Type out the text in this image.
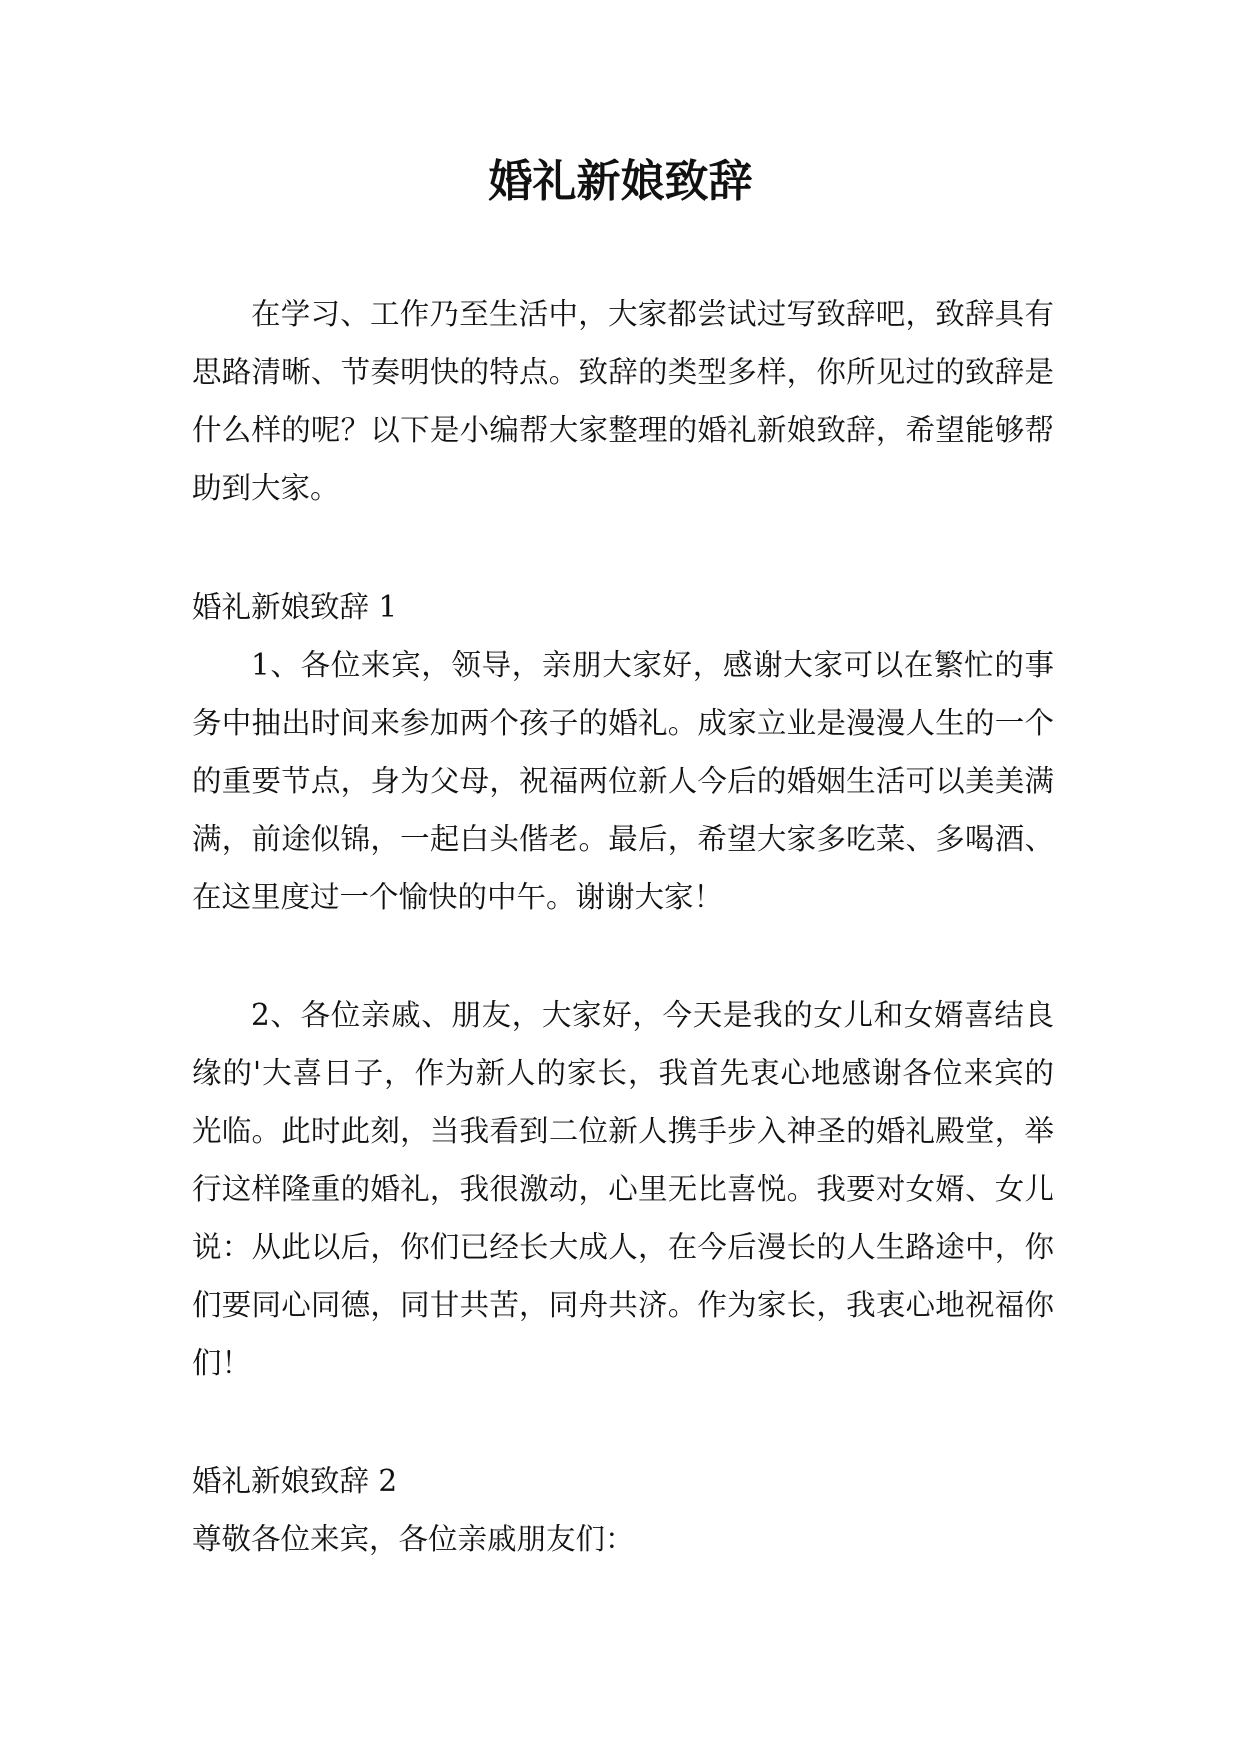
婚礼新娘致辞

在学习、工作乃至生活中，大家都尝试过写致辞吧，致辞具有思路清晰、节奏明快的特点。致辞的类型多样，你所见过的致辞是什么样的呢？以下是小编帮大家整理的婚礼新娘致辞，希望能够帮助到大家。

婚礼新娘致辞 1

1、各位来宾，领导，亲朋大家好，感谢大家可以在繁忙的事务中抽出时间来参加两个孩子的婚礼。成家立业是漫漫人生的一个的重要节点，身为父母，祝福两位新人今后的婚姻生活可以美美满满，前途似锦，一起白头偕老。最后，希望大家多吃菜、多喝酒、在这里度过一个愉快的中午。谢谢大家！

2、各位亲戚、朋友，大家好，今天是我的女儿和女婿喜结良缘的'大喜日子，作为新人的家长，我首先衷心地感谢各位来宾的光临。此时此刻，当我看到二位新人携手步入神圣的婚礼殿堂，举行这样隆重的婚礼，我很激动，心里无比喜悦。我要对女婿、女儿说：从此以后，你们已经长大成人，在今后漫长的人生路途中，你们要同心同德，同甘共苦，同舟共济。作为家长，我衷心地祝福你们！

婚礼新娘致辞 2

尊敬各位来宾，各位亲戚朋友们：
